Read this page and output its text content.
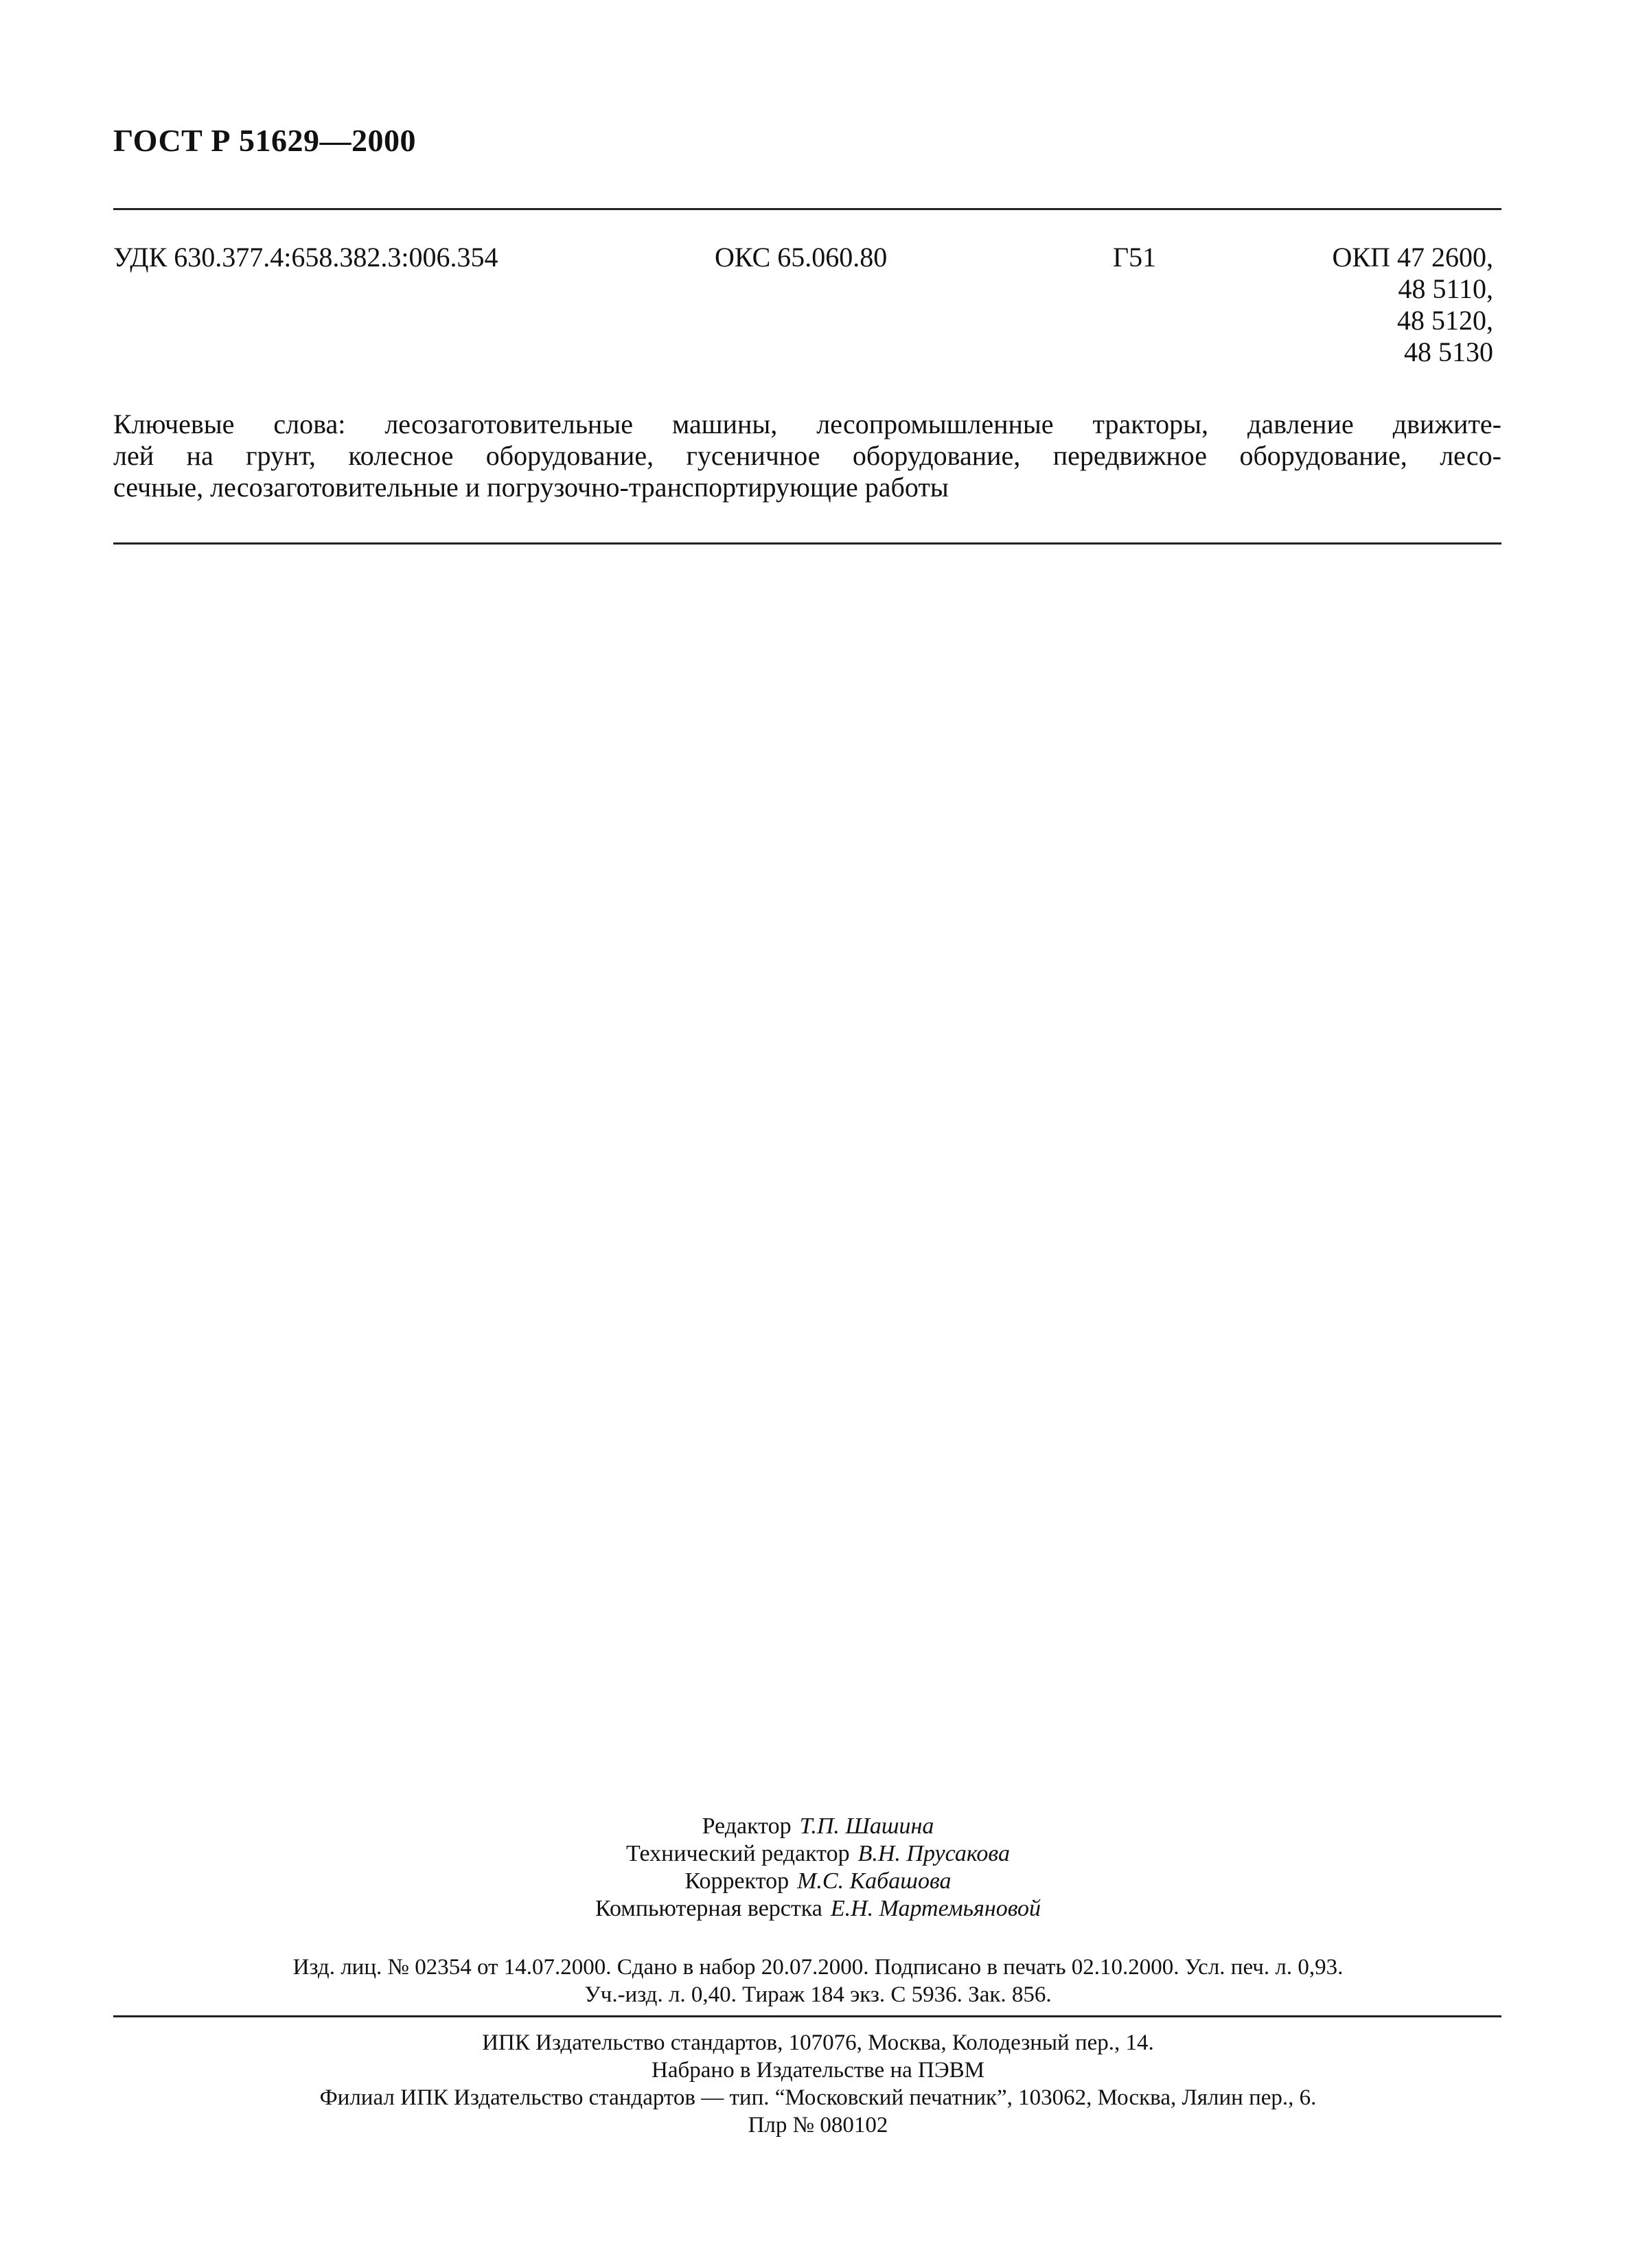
ГОСТ Р 51629—2000
УДК 630.377.4:658.382.3:006.354	ОКС 65.060.80	Г51	ОКП 47 2600,
48 5110,
48 5120,
48 5130
Ключевые слова: лесозаготовительные машины, лесопромышленные тракторы, давление движите-
лей на грунт, колесное оборудование, гусеничное оборудование, передвижное оборудование, лесо-
сечные, лесозаготовительные и погрузочно-транспортирующие работы
Редактор Т.П. Шашина
Технический редактор В.Н. Прусакова
Корректор М.С. Кабашова
Компьютерная верстка Е.Н. Мартемьяновой
Изд. лиц. № 02354 от 14.07.2000. Сдано в набор 20.07.2000. Подписано в печать 02.10.2000. Усл. печ. л. 0,93.
Уч.-изд. л. 0,40. Тираж 184 экз. С 5936. Зак. 856.
ИПК Издательство стандартов, 107076, Москва, Колодезный пер., 14.
Набрано в Издательстве на ПЭВМ
Филиал ИПК Издательство стандартов — тип. “Московский печатник”, 103062, Москва, Лялин пер., 6.
Плр № 080102
